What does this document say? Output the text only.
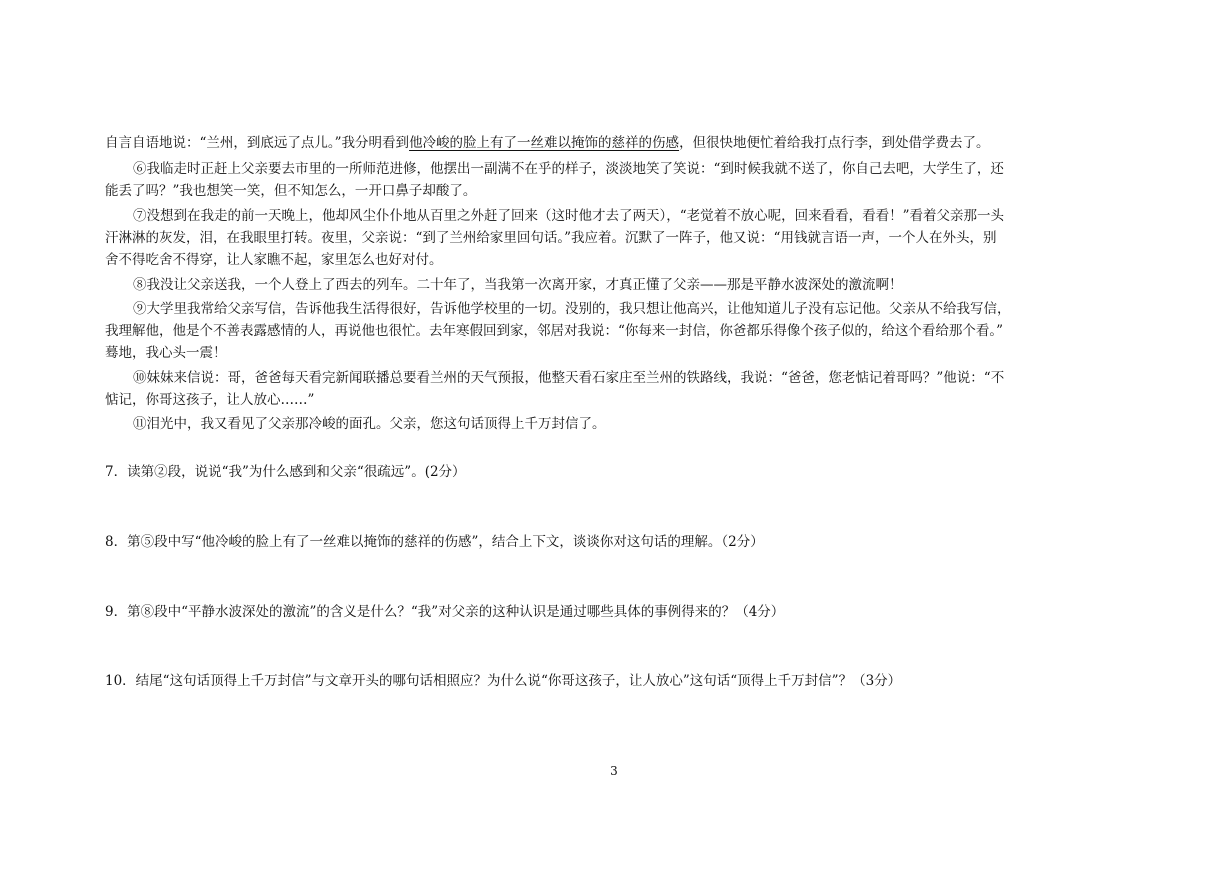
自言自语地说：“兰州，到底远了点儿。”我分明看到他冷峻的脸上有了一丝难以掩饰的慈祥的伤感，但很快地便忙着给我打点行李，到处借学费去了。
⑥我临走时正赶上父亲要去市里的一所师范进修，他摆出一副满不在乎的样子，淡淡地笑了笑说：“到时候我就不送了，你自己去吧，大学生了，还
能丢了吗？”我也想笑一笑，但不知怎么，一开口鼻子却酸了。
⑦没想到在我走的前一天晚上，他却风尘仆仆地从百里之外赶了回来（这时他才去了两天），“老觉着不放心呢，回来看看，看看！”看着父亲那一头
汗淋淋的灰发，泪，在我眼里打转。夜里，父亲说：“到了兰州给家里回句话。”我应着。沉默了一阵子，他又说：“用钱就言语一声，一个人在外头，别
舍不得吃舍不得穿，让人家瞧不起，家里怎么也好对付。
⑧我没让父亲送我，一个人登上了西去的列车。二十年了，当我第一次离开家，才真正懂了父亲——那是平静水波深处的激流啊！
⑨大学里我常给父亲写信，告诉他我生活得很好，告诉他学校里的一切。没别的，我只想让他高兴，让他知道儿子没有忘记他。父亲从不给我写信，
我理解他，他是个不善表露感情的人，再说他也很忙。去年寒假回到家，邻居对我说：“你每来一封信，你爸都乐得像个孩子似的，给这个看给那个看。”
蓦地，我心头一震！
⑩妹妹来信说：哥，爸爸每天看完新闻联播总要看兰州的天气预报，他整天看石家庄至兰州的铁路线，我说：“爸爸，您老惦记着哥吗？”他说：“不
惦记，你哥这孩子，让人放心……”
⑪泪光中，我又看见了父亲那冷峻的面孔。父亲，您这句话顶得上千万封信了。
7．读第②段，说说“我”为什么感到和父亲“很疏远”。(2分）
8．第⑤段中写“他冷峻的脸上有了一丝难以掩饰的慈祥的伤感”，结合上下文，谈谈你对这句话的理解。（2分）
9．第⑧段中“平静水波深处的激流”的含义是什么？“我”对父亲的这种认识是通过哪些具体的事例得来的？（4分）
10．结尾“这句话顶得上千万封信”与文章开头的哪句话相照应？为什么说“你哥这孩子，让人放心”这句话“顶得上千万封信”？（3分）
3
